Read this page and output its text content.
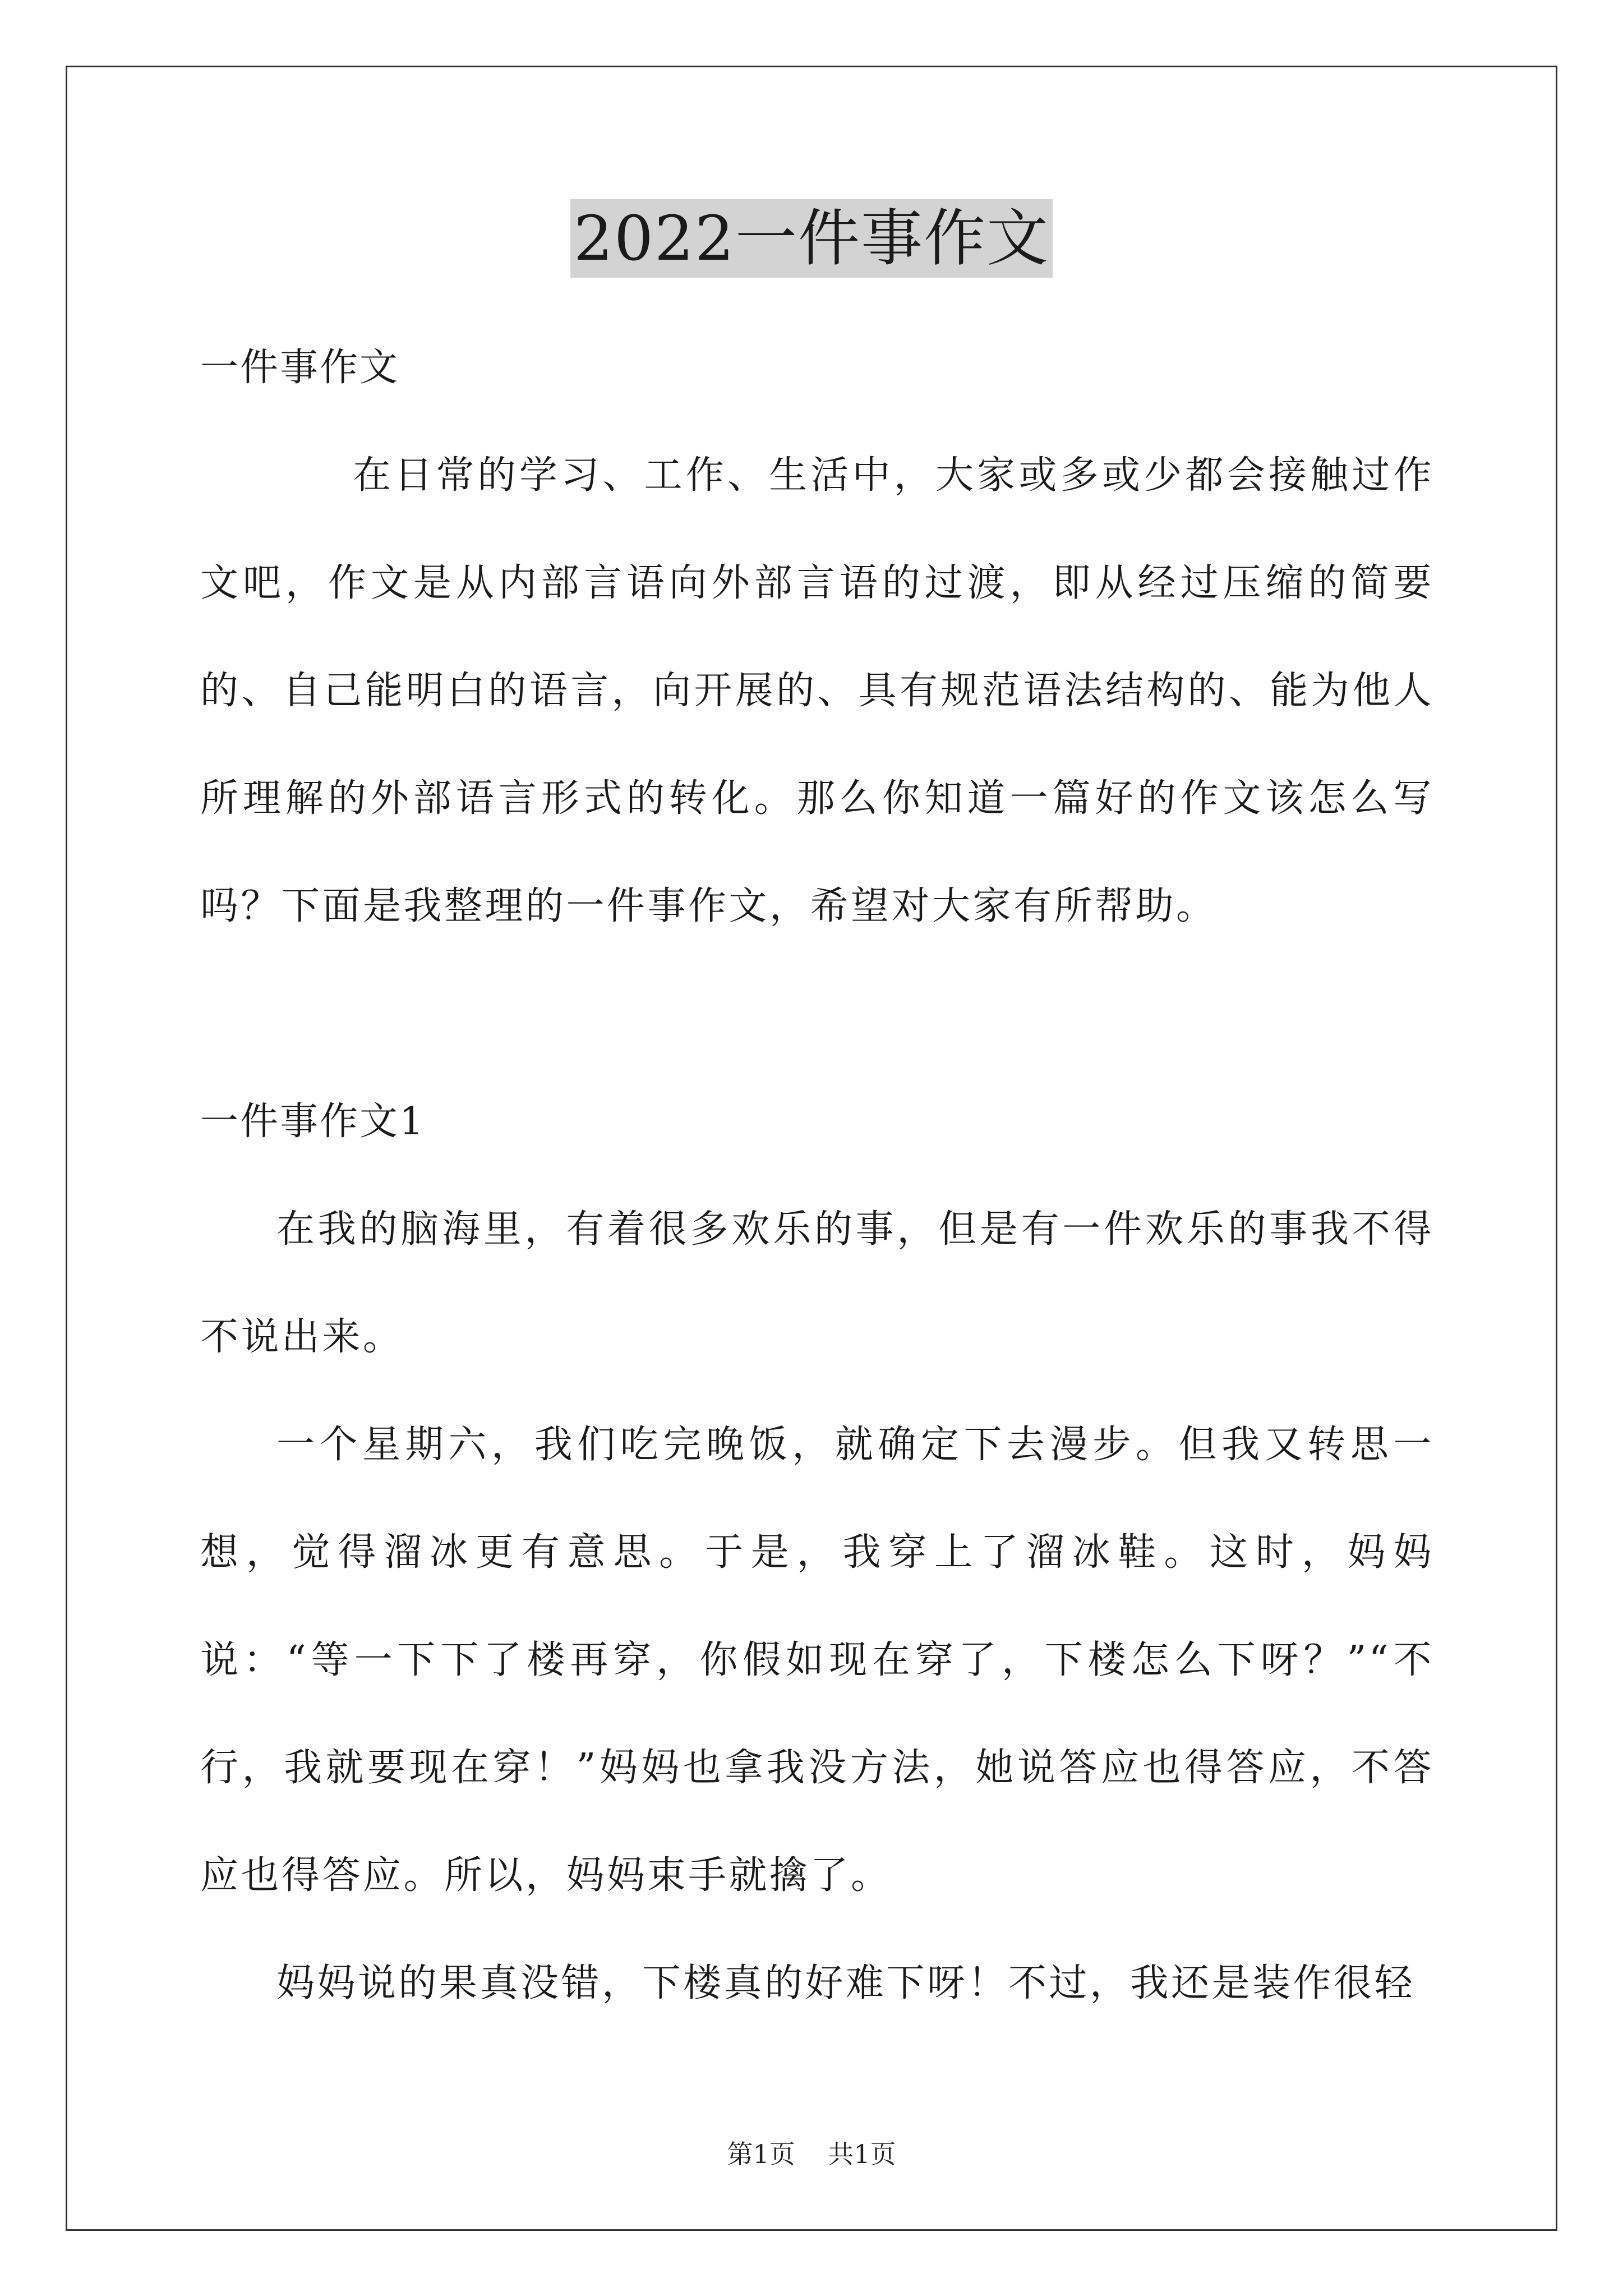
2022一件事作文

一件事作文

在日常的学习、工作、生活中，大家或多或少都会接触过作文吧，作文是从内部言语向外部言语的过渡，即从经过压缩的简要的、自己能明白的语言，向开展的、具有规范语法结构的、能为他人所理解的外部语言形式的转化。那么你知道一篇好的作文该怎么写吗？下面是我整理的一件事作文，希望对大家有所帮助。

一件事作文1

在我的脑海里，有着很多欢乐的事，但是有一件欢乐的事我不得不说出来。

一个星期六，我们吃完晚饭，就确定下去漫步。但我又转思一想，觉得溜冰更有意思。于是，我穿上了溜冰鞋。这时，妈妈说：“等一下下了楼再穿，你假如现在穿了，下楼怎么下呀？”“不行，我就要现在穿！”妈妈也拿我没方法，她说答应也得答应，不答应也得答应。所以，妈妈束手就擒了。

妈妈说的果真没错，下楼真的好难下呀！不过，我还是装作很轻

第1页 共1页
